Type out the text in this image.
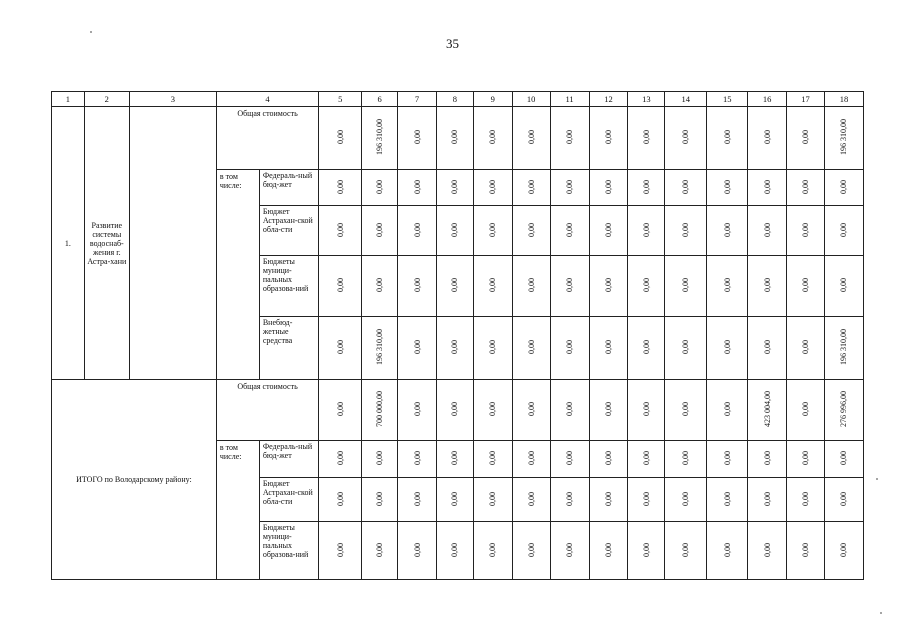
35
1	2	3	4		5	6	7	8	9	10	11	12	13	14	15	16	17	18
1.	Развитие системы водоснаб-жения г. Астра-хани		Общая стоимость		0,00	196 310,00	0,00	0,00	0,00	0,00	0,00	0,00	0,00	0,00	0,00	0,00	0,00	196 310,00
			в том числе:	Федераль-ный бюд-жет	0,00	0,00	0,00	0,00	0,00	0,00	0,00	0,00	0,00	0,00	0,00	0,00	0,00	0,00
				Бюджет Астрахан-ской обла-сти	0,00	0,00	0,00	0,00	0,00	0,00	0,00	0,00	0,00	0,00	0,00	0,00	0,00	0,00
				Бюджеты муници-пальных образова-ний	0,00	0,00	0,00	0,00	0,00	0,00	0,00	0,00	0,00	0,00	0,00	0,00	0,00	0,00
				Внебюд-жетные средства	0,00	196 310,00	0,00	0,00	0,00	0,00	0,00	0,00	0,00	0,00	0,00	0,00	0,00	196 310,00
ИТОГО по Володарскому району:			Общая стоимость		0,00	700 000,00	0,00	0,00	0,00	0,00	0,00	0,00	0,00	0,00	0,00	423 004,00	0,00	276 996,00
			в том числе:	Федераль-ный бюд-жет	0,00	0,00	0,00	0,00	0,00	0,00	0,00	0,00	0,00	0,00	0,00	0,00	0,00	0,00
				Бюджет Астрахан-ской обла-сти	0,00	0,00	0,00	0,00	0,00	0,00	0,00	0,00	0,00	0,00	0,00	0,00	0,00	0,00
				Бюджеты муници-пальных образова-ний	0,00	0,00	0,00	0,00	0,00	0,00	0,00	0,00	0,00	0,00	0,00	0,00	0,00	0,00
